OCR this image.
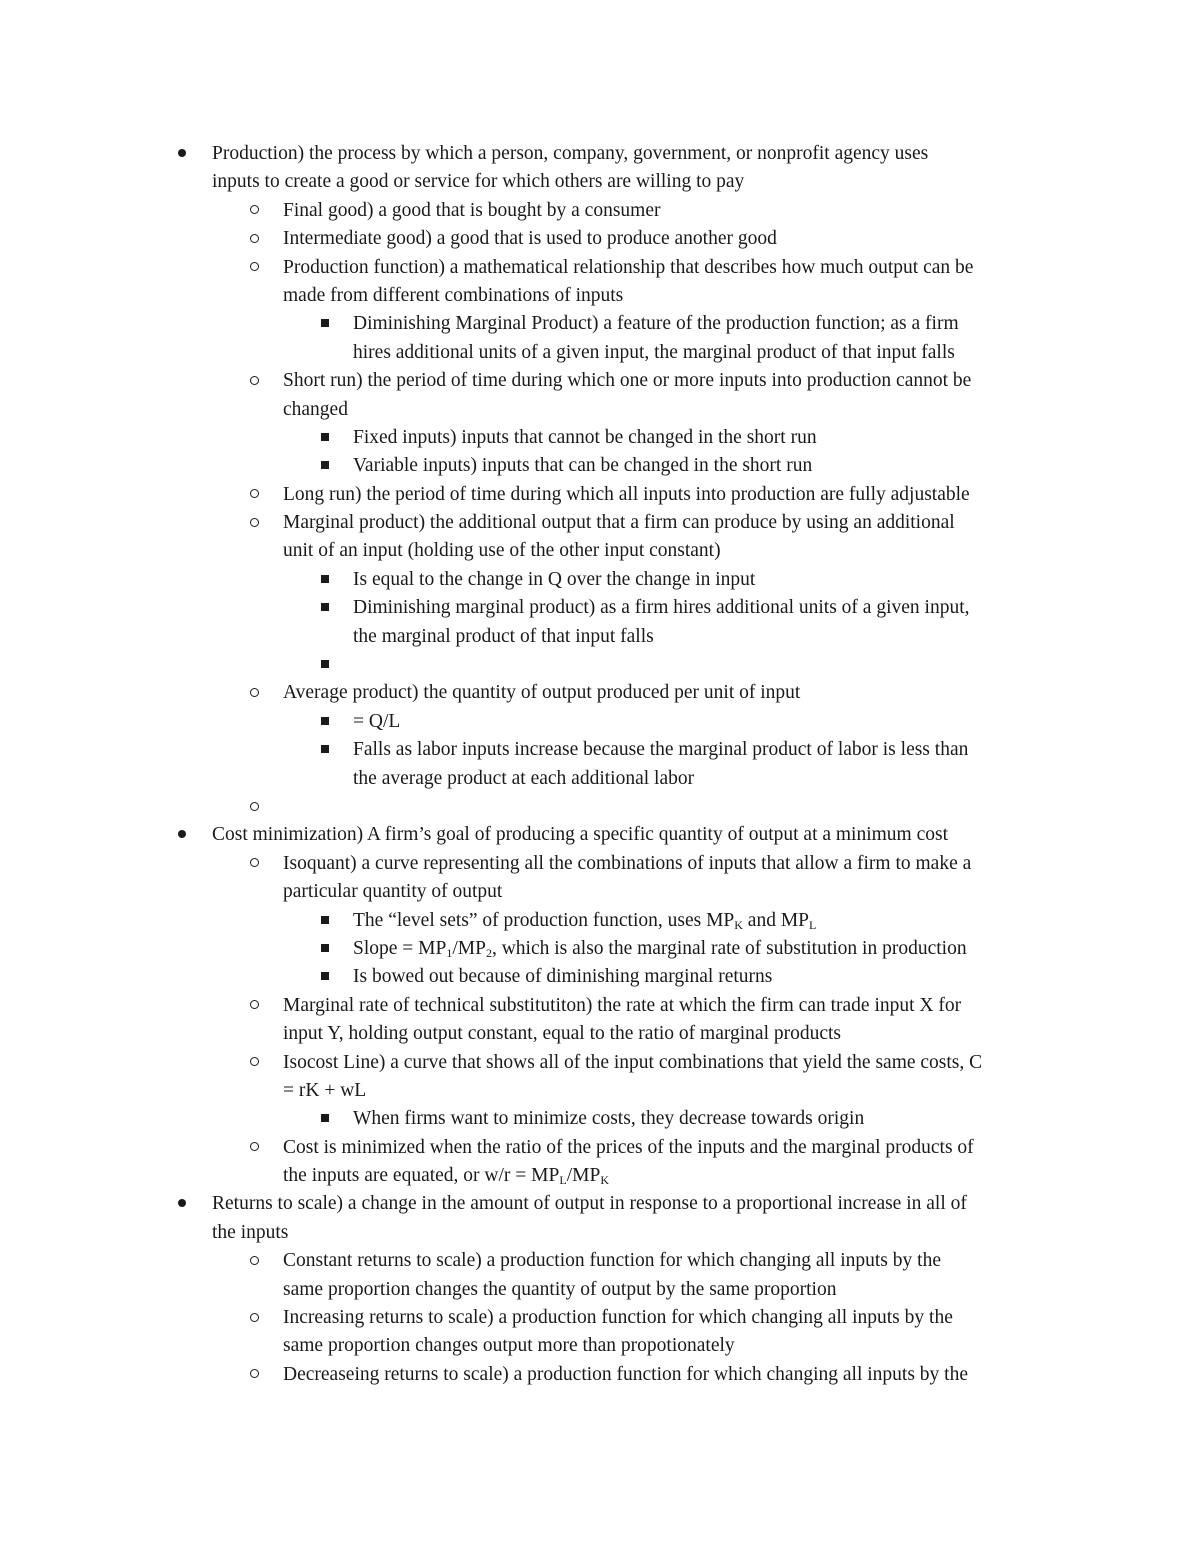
Production) the process by which a person, company, government, or nonprofit agency uses
inputs to create a good or service for which others are willing to pay
Final good) a good that is bought by a consumer
Intermediate good) a good that is used to produce another good
Production function) a mathematical relationship that describes how much output can be
made from different combinations of inputs
Diminishing Marginal Product) a feature of the production function; as a firm
hires additional units of a given input, the marginal product of that input falls
Short run) the period of time during which one or more inputs into production cannot be
changed
Fixed inputs) inputs that cannot be changed in the short run
Variable inputs) inputs that can be changed in the short run
Long run) the period of time during which all inputs into production are fully adjustable
Marginal product) the additional output that a firm can produce by using an additional
unit of an input (holding use of the other input constant)
Is equal to the change in Q over the change in input
Diminishing marginal product) as a firm hires additional units of a given input,
the marginal product of that input falls
Average product) the quantity of output produced per unit of input
= Q/L
Falls as labor inputs increase because the marginal product of labor is less than
the average product at each additional labor
Cost minimization) A firm’s goal of producing a specific quantity of output at a minimum cost
Isoquant) a curve representing all the combinations of inputs that allow a firm to make a
particular quantity of output
The “level sets” of production function, uses $MP_K$ and $MP_L$
Slope = $MP_1/MP_2$, which is also the marginal rate of substitution in production
Is bowed out because of diminishing marginal returns
Marginal rate of technical substitutiton) the rate at which the firm can trade input X for
input Y, holding output constant, equal to the ratio of marginal products
Isocost Line) a curve that shows all of the input combinations that yield the same costs, C
= rK + wL
When firms want to minimize costs, they decrease towards origin
Cost is minimized when the ratio of the prices of the inputs and the marginal products of
the inputs are equated, or $w/r = MP_L/MP_K$
Returns to scale) a change in the amount of output in response to a proportional increase in all of
the inputs
Constant returns to scale) a production function for which changing all inputs by the
same proportion changes the quantity of output by the same proportion
Increasing returns to scale) a production function for which changing all inputs by the
same proportion changes output more than propotionately
Decreaseing returns to scale) a production function for which changing all inputs by the
